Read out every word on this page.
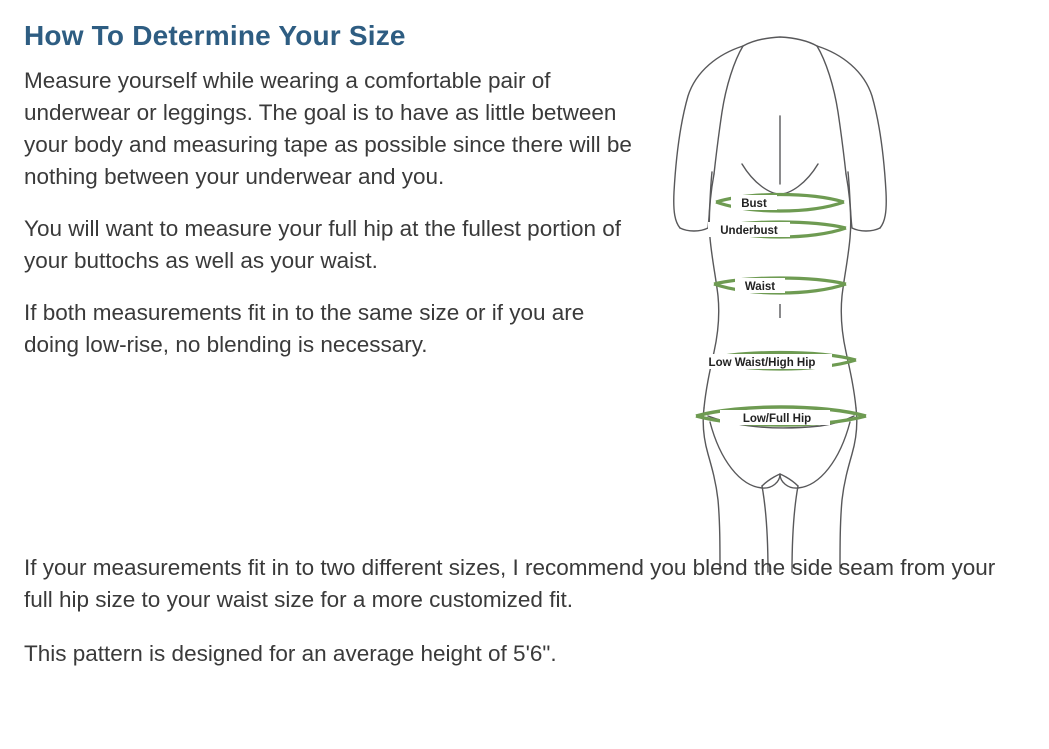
How To Determine Your Size

Measure yourself while wearing a comfortable pair of underwear or leggings. The goal is to have as little between your body and measuring tape as possible since there will be nothing between your underwear and you.

You will want to measure your full hip at the fullest portion of your buttochs as well as your waist.

If both measurements fit in to the same size or if you are doing low-rise, no blending is necessary.

Bust
Underbust
Waist
Low Waist/High Hip
Low/Full Hip

If your measurements fit in to two different sizes, I recommend you blend the side seam from your full hip size to your waist size for a more customized fit.

This pattern is designed for an average height of 5'6".
